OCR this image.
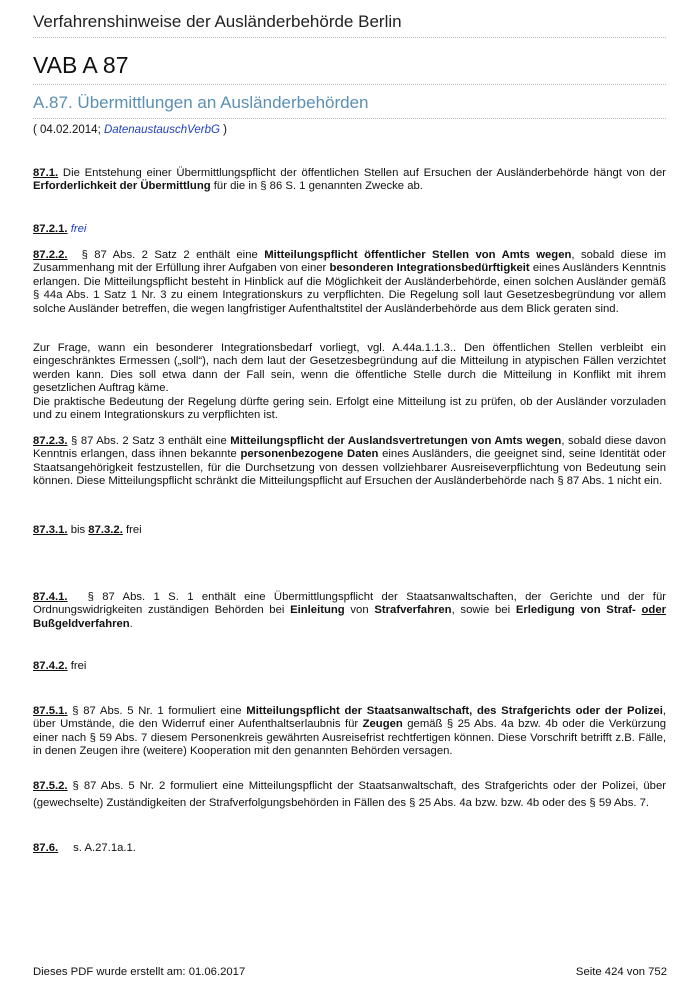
Verfahrenshinweise der Ausländerbehörde Berlin
VAB A 87
A.87. Übermittlungen an Ausländerbehörden
( 04.02.2014; DatenaustauschVerbG )
87.1. Die Entstehung einer Übermittlungspflicht der öffentlichen Stellen auf Ersuchen der Ausländerbehörde hängt von der Erforderlichkeit der Übermittlung für die in § 86 S. 1 genannten Zwecke ab.
87.2.1. frei
87.2.2. § 87 Abs. 2 Satz 2 enthält eine Mitteilungspflicht öffentlicher Stellen von Amts wegen, sobald diese im Zusammenhang mit der Erfüllung ihrer Aufgaben von einer besonderen Integrationsbedürftigkeit eines Ausländers Kenntnis erlangen. Die Mitteilungspflicht besteht in Hinblick auf die Möglichkeit der Ausländerbehörde, einen solchen Ausländer gemäß § 44a Abs. 1 Satz 1 Nr. 3 zu einem Integrationskurs zu verpflichten. Die Regelung soll laut Gesetzesbegründung vor allem solche Ausländer betreffen, die wegen langfristiger Aufenthaltstitel der Ausländerbehörde aus dem Blick geraten sind.
Zur Frage, wann ein besonderer Integrationsbedarf vorliegt, vgl. A.44a.1.1.3.. Den öffentlichen Stellen verbleibt ein eingeschränktes Ermessen („soll“), nach dem laut der Gesetzesbegründung auf die Mitteilung in atypischen Fällen verzichtet werden kann. Dies soll etwa dann der Fall sein, wenn die öffentliche Stelle durch die Mitteilung in Konflikt mit ihrem gesetzlichen Auftrag käme.
Die praktische Bedeutung der Regelung dürfte gering sein. Erfolgt eine Mitteilung ist zu prüfen, ob der Ausländer vorzuladen und zu einem Integrationskurs zu verpflichten ist.
87.2.3. § 87 Abs. 2 Satz 3 enthält eine Mitteilungspflicht der Auslandsvertretungen von Amts wegen, sobald diese davon Kenntnis erlangen, dass ihnen bekannte personenbezogene Daten eines Ausländers, die geeignet sind, seine Identität oder Staatsangehörigkeit festzustellen, für die Durchsetzung von dessen vollziehbarer Ausreiseverpflichtung von Bedeutung sein können. Diese Mitteilungspflicht schränkt die Mitteilungspflicht auf Ersuchen der Ausländerbehörde nach § 87 Abs. 1 nicht ein.
87.3.1. bis 87.3.2. frei
87.4.1. § 87 Abs. 1 S. 1 enthält eine Übermittlungspflicht der Staatsanwaltschaften, der Gerichte und der für Ordnungswidrigkeiten zuständigen Behörden bei Einleitung von Strafverfahren, sowie bei Erledigung von Straf- oder Bußgeldverfahren.
87.4.2. frei
87.5.1. § 87 Abs. 5 Nr. 1 formuliert eine Mitteilungspflicht der Staatsanwaltschaft, des Strafgerichts oder der Polizei, über Umstände, die den Widerruf einer Aufenthaltserlaubnis für Zeugen gemäß § 25 Abs. 4a bzw. 4b oder die Verkürzung einer nach § 59 Abs. 7 diesem Personenkreis gewährten Ausreisefrist rechtfertigen können. Diese Vorschrift betrifft z.B. Fälle, in denen Zeugen ihre (weitere) Kooperation mit den genannten Behörden versagen.
87.5.2. § 87 Abs. 5 Nr. 2 formuliert eine Mitteilungspflicht der Staatsanwaltschaft, des Strafgerichts oder der Polizei, über (gewechselte) Zuständigkeiten der Strafverfolgungsbehörden in Fällen des § 25 Abs. 4a bzw. bzw. 4b oder des § 59 Abs. 7.
87.6. s. A.27.1a.1.
Dieses PDF wurde erstellt am: 01.06.2017	Seite 424 von 752
